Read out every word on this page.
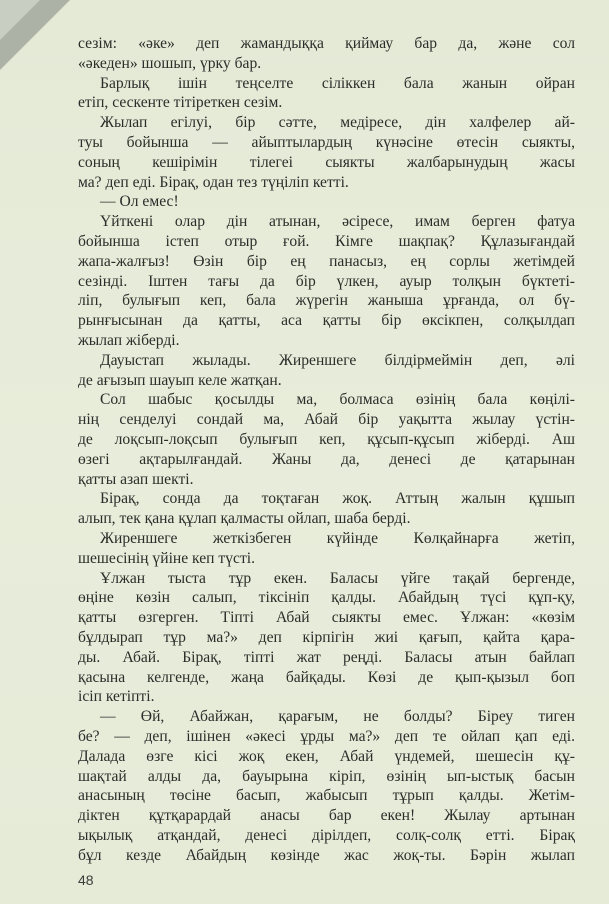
сезім: «әке» деп жамандыққа қиймау бар да, және сол
«әкеден» шошып, үрку бар.
Барлық ішін теңселте сіліккен бала жанын ойран
етіп, сескенте тітіреткен сезім.
Жылап егілуі, бір сәтте, медіресе, дін халфелер ай-
туы бойынша — айыптылардың күнәсіне өтесін сыякты,
соның кешірімін тілегеі сыякты жалбарынудың жасы
ма? деп еді. Бірақ, одан тез түңіліп кетті.
— Ол емес!
Үйткені олар дін атынан, әсіресе, имам берген фатуа
бойынша істеп отыр ғой. Кімге шақпақ? Құлазығандай
жапа-жалғыз! Өзін бір ең панасыз, ең сорлы жетімдей
сезінді. Іштен тағы да бір үлкен, ауыр толқын бүктеті-
ліп, булығып кеп, бала жүрегін жаныша ұрғанда, ол бү-
рынғысынан да қатты, аса қатты бір өксікпен, солқылдап
жылап жіберді.
Дауыстап жылады. Жиреншеге білдірмеймін деп, әлі
де ағызып шауып келе жатқан.
Сол шабыс қосылды ма, болмаса өзінің бала көңілі-
нің сенделуі сондай ма, Абай бір уақытта жылау үстін-
де лоқсып-лоқсып булығып кеп, құсып-құсып жіберді. Аш
өзегі ақтарылғандай. Жаны да, денесі де қатарынан
қатты азап шекті.
Бірақ, сонда да тоқтаған жоқ. Аттың жалын құшып
алып, тек қана құлап қалмасты ойлап, шаба берді.
Жиреншеге жеткізбеген күйінде Көлқайнарға жетіп,
шешесінің үйіне кеп түсті.
Ұлжан тыста тұр екен. Баласы үйге тақай бергенде,
өңіне көзін салып, тіксініп қалды. Абайдың түсі құп-қу,
қатты өзгерген. Тіпті Абай сыякты емес. Ұлжан: «көзім
бұлдырап тұр ма?» деп кірпігін жиі қағып, қайта қара-
ды. Абай. Бірақ, тіпті жат реңді. Баласы атын байлап
қасына келгенде, жаңа байқады. Көзі де қып-қызыл боп
ісіп кетіпті.
— Өй, Абайжан, қарағым, не болды? Біреу тиген
бе? — деп, ішінен «әкесі ұрды ма?» деп те ойлап қап еді.
Далада өзге кісі жоқ екен, Абай үндемей, шешесін құ-
шақтай алды да, бауырына кіріп, өзінің ып-ыстық басын
анасының төсіне басып, жабысып тұрып қалды. Жетім-
діктен құтқарардай анасы бар екен! Жылау артынан
ықылық атқандай, денесі дірілдеп, солқ-солқ етті. Бірақ
бұл кезде Абайдың көзінде жас жоқ-ты. Бәрін жылап
48
